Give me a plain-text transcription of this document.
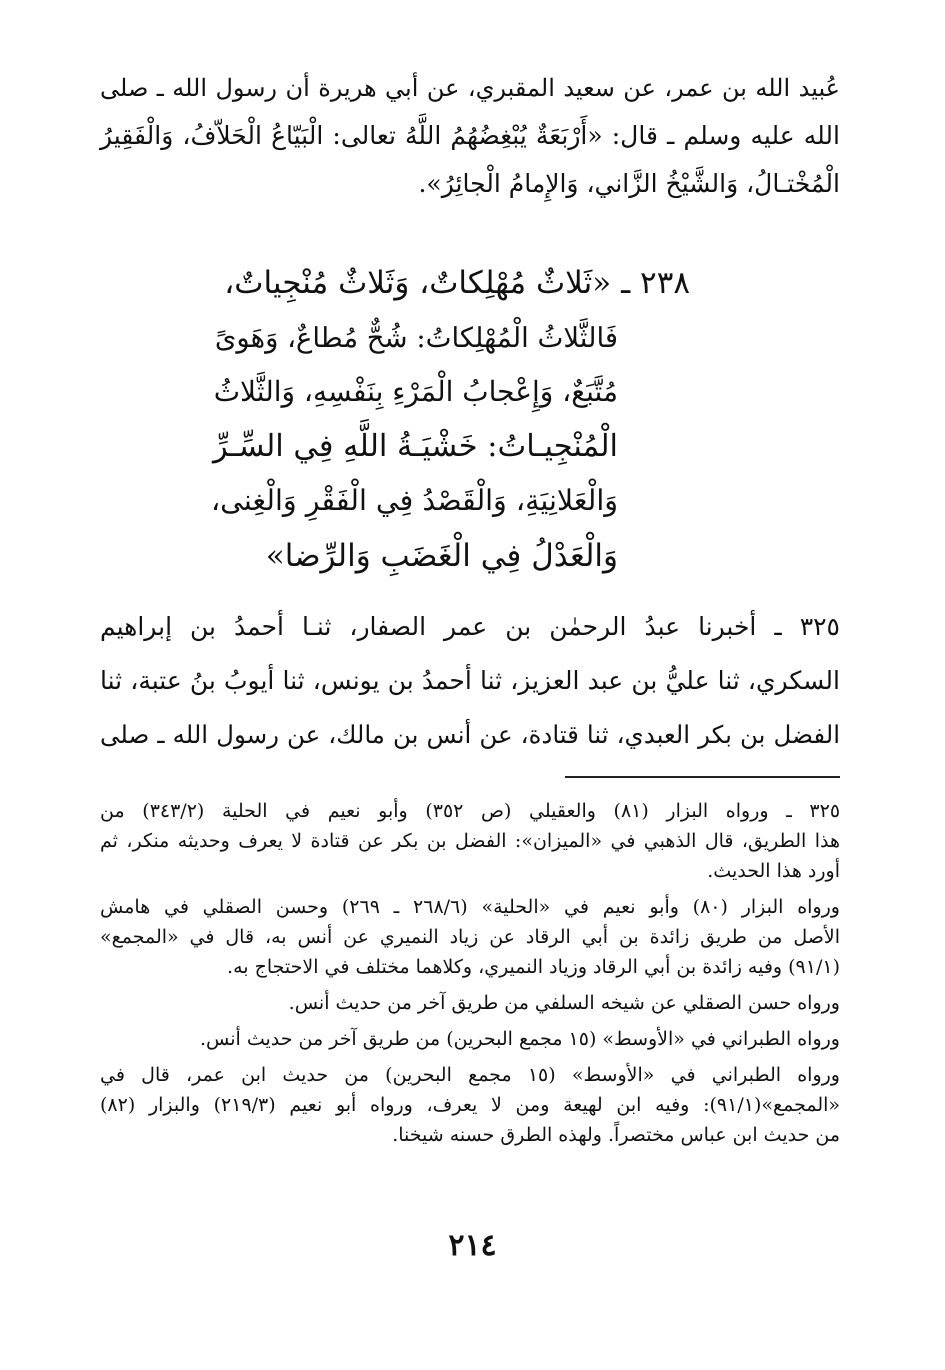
عُبيد الله بن عمر، عن سعيد المقبري، عن أبي هريرة أن رسول الله ـ صلى
الله عليه وسلم ـ قال: «أَرْبَعَةٌ يُبْغِضُهُمُ اللَّهُ تعالى: الْبَيّاعُ الْحَلاّفُ، وَالْفَقِيرُ
الْمُخْتـالُ، وَالشَّيْخُ الزَّاني، وَالإِمامُ الْجائِرُ».
٢٣٨ ـ «ثَلاثٌ مُهْلِكاتٌ، وَثَلاثٌ مُنْجِياتٌ،
فَالثَّلاثُ الْمُهْلِكاتُ: شُحٌّ مُطاعٌ، وَهَوىً
مُتَّبَعٌ، وَإِعْجابُ الْمَرْءِ بِنَفْسِهِ، وَالثَّلاثُ
الْمُنْجِيـاتُ: خَشْيَـةُ اللَّهِ فِي السِّـرِّ
وَالْعَلانِيَةِ، وَالْقَصْدُ فِي الْفَقْرِ وَالْغِنى،
وَالْعَدْلُ فِي الْغَضَبِ وَالرِّضا»
٣٢٥ ـ أخبرنا عبدُ الرحمٰن بن عمر الصفار، ثنـا أحمدُ بن إبراهيم
السكري، ثنا عليُّ بن عبد العزيز، ثنا أحمدُ بن يونس، ثنا أيوبُ بنُ عتبة، ثنا
الفضل بن بكر العبدي، ثنا قتادة، عن أنس بن مالك، عن رسول الله ـ صلى
٣٢٥ ـ ورواه البزار (٨١) والعقيلي (ص ٣٥٢) وأبو نعيم في الحلية (٣٤٣/٢) من
هذا الطريق، قال الذهبي في «الميزان»: الفضل بن بكر عن قتادة لا يعرف وحديثه منكر، ثم
أورد هذا الحديث.
ورواه البزار (٨٠) وأبو نعيم في «الحلية» (٢٦٨/٦ ـ ٢٦٩) وحسن الصقلي في هامش
الأصل من طريق زائدة بن أبي الرقاد عن زياد النميري عن أنس به، قال في «المجمع»
(٩١/١) وفيه زائدة بن أبي الرقاد وزياد النميري، وكلاهما مختلف في الاحتجاج به.
ورواه حسن الصقلي عن شيخه السلفي من طريق آخر من حديث أنس.
ورواه الطبراني في «الأوسط» (١٥ مجمع البحرين) من طريق آخر من حديث أنس.
ورواه الطبراني في «الأوسط» (١٥ مجمع البحرين) من حديث ابن عمر، قال في
«المجمع»(٩١/١): وفيه ابن لهيعة ومن لا يعرف، ورواه أبو نعيم (٢١٩/٣) والبزار (٨٢)
من حديث ابن عباس مختصراً. ولهذه الطرق حسنه شيخنا.
٢١٤
